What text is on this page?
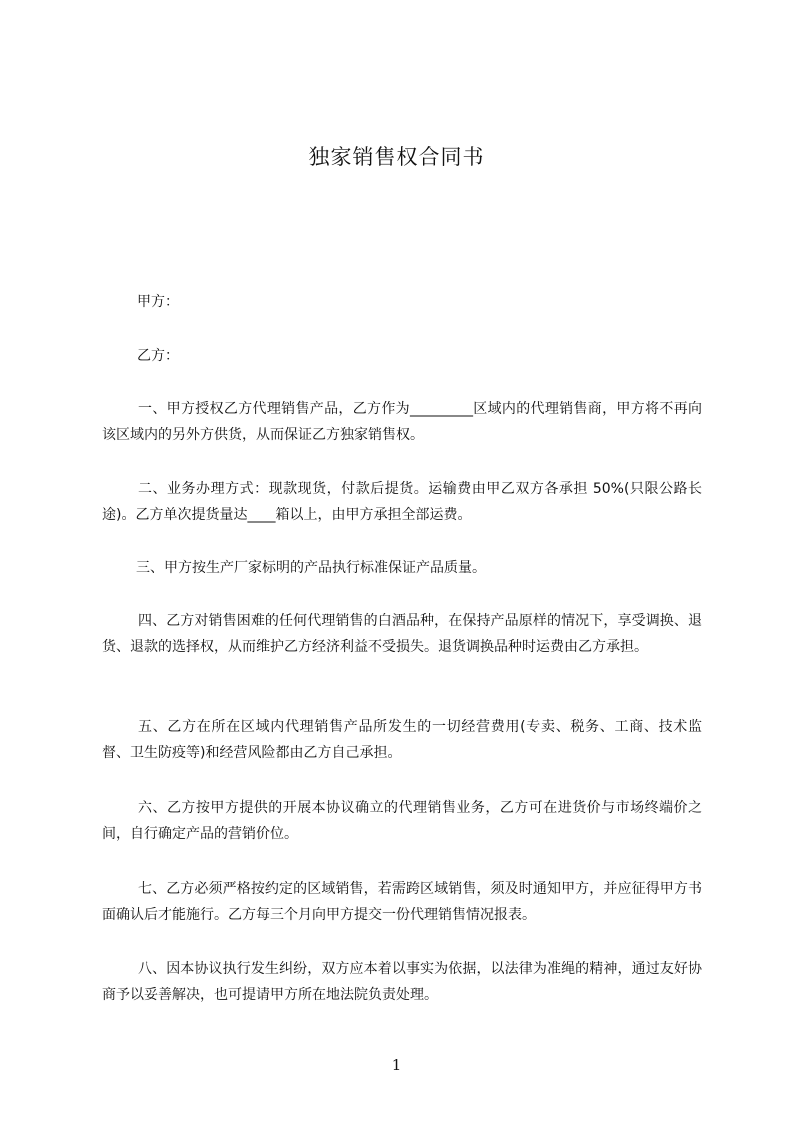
独家销售权合同书
甲方：
乙方：
一、甲方授权乙方代理销售产品，乙方作为_________区域内的代理销售商，甲方将不再向该区域内的另外方供货，从而保证乙方独家销售权。
二、业务办理方式：现款现货，付款后提货。运输费由甲乙双方各承担 50%(只限公路长途)。乙方单次提货量达____箱以上，由甲方承担全部运费。
三、甲方按生产厂家标明的产品执行标准保证产品质量。
四、乙方对销售困难的任何代理销售的白酒品种，在保持产品原样的情况下，享受调换、退货、退款的选择权，从而维护乙方经济利益不受损失。退货调换品种时运费由乙方承担。
五、乙方在所在区域内代理销售产品所发生的一切经营费用(专卖、税务、工商、技术监督、卫生防疫等)和经营风险都由乙方自己承担。
六、乙方按甲方提供的开展本协议确立的代理销售业务，乙方可在进货价与市场终端价之间，自行确定产品的营销价位。
七、乙方必须严格按约定的区域销售，若需跨区域销售，须及时通知甲方，并应征得甲方书面确认后才能施行。乙方每三个月向甲方提交一份代理销售情况报表。
八、因本协议执行发生纠纷，双方应本着以事实为依据，以法律为准绳的精神，通过友好协商予以妥善解决，也可提请甲方所在地法院负责处理。
1
